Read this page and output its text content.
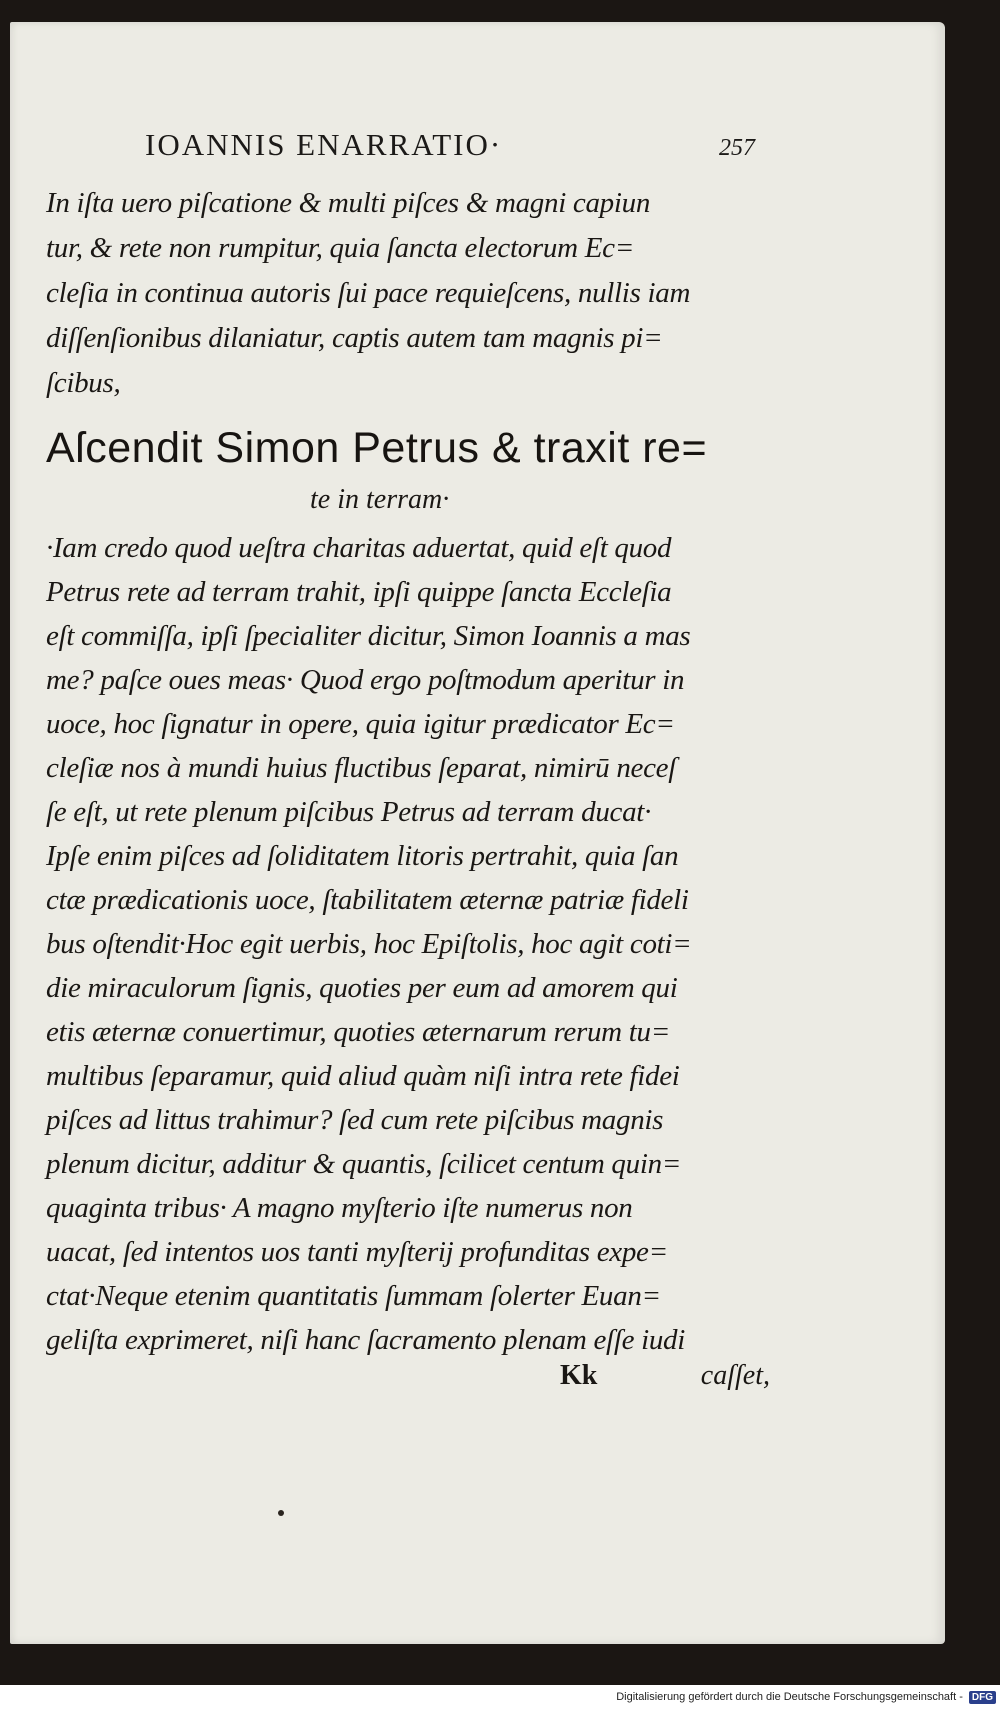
IOANNIS ENARRATIO·	257
In iſta uero piſcatione & multi piſces & magni capiun
tur, & rete non rumpitur, quia ſancta electorum Ec=
cleſia in continua autoris ſui pace requieſcens, nullis iam
diſſenſionibus dilaniatur, captis autem tam magnis pi=
ſcibus,
Aſcendit Simon Petrus & traxit re=
te in terram·
·Iam credo quod ueſtra charitas aduertat, quid eſt quod
Petrus rete ad terram trahit, ipſi quippe ſancta Eccleſia
eſt commiſſa, ipſi ſpecialiter dicitur, Simon Ioannis a mas
me? paſce oues meas· Quod ergo poſtmodum aperitur in
uoce, hoc ſignatur in opere, quia igitur prædicator Ec=
cleſiæ nos à mundi huius fluctibus ſeparat, nimirū neceſ
ſe eſt, ut rete plenum piſcibus Petrus ad terram ducat·
Ipſe enim piſces ad ſoliditatem litoris pertrahit, quia ſan
ctæ prædicationis uoce, ſtabilitatem æternæ patriæ fideli
bus oſtendit·Hoc egit uerbis, hoc Epiſtolis, hoc agit coti=
die miraculorum ſignis, quoties per eum ad amorem qui
etis æternæ conuertimur, quoties æternarum rerum tu=
multibus ſeparamur, quid aliud quàm niſi intra rete fidei
piſces ad littus trahimur? ſed cum rete piſcibus magnis
plenum dicitur, additur & quantis, ſcilicet centum quin=
quaginta tribus· A magno myſterio iſte numerus non
uacat, ſed intentos uos tanti myſterij profunditas expe=
ctat·Neque etenim quantitatis ſummam ſolerter Euan=
geliſta exprimeret, niſi hanc ſacramento plenam eſſe iudi
Kk	caſſet,
Digitalisierung gefördert durch die Deutsche Forschungsgemeinschaft - DFG
